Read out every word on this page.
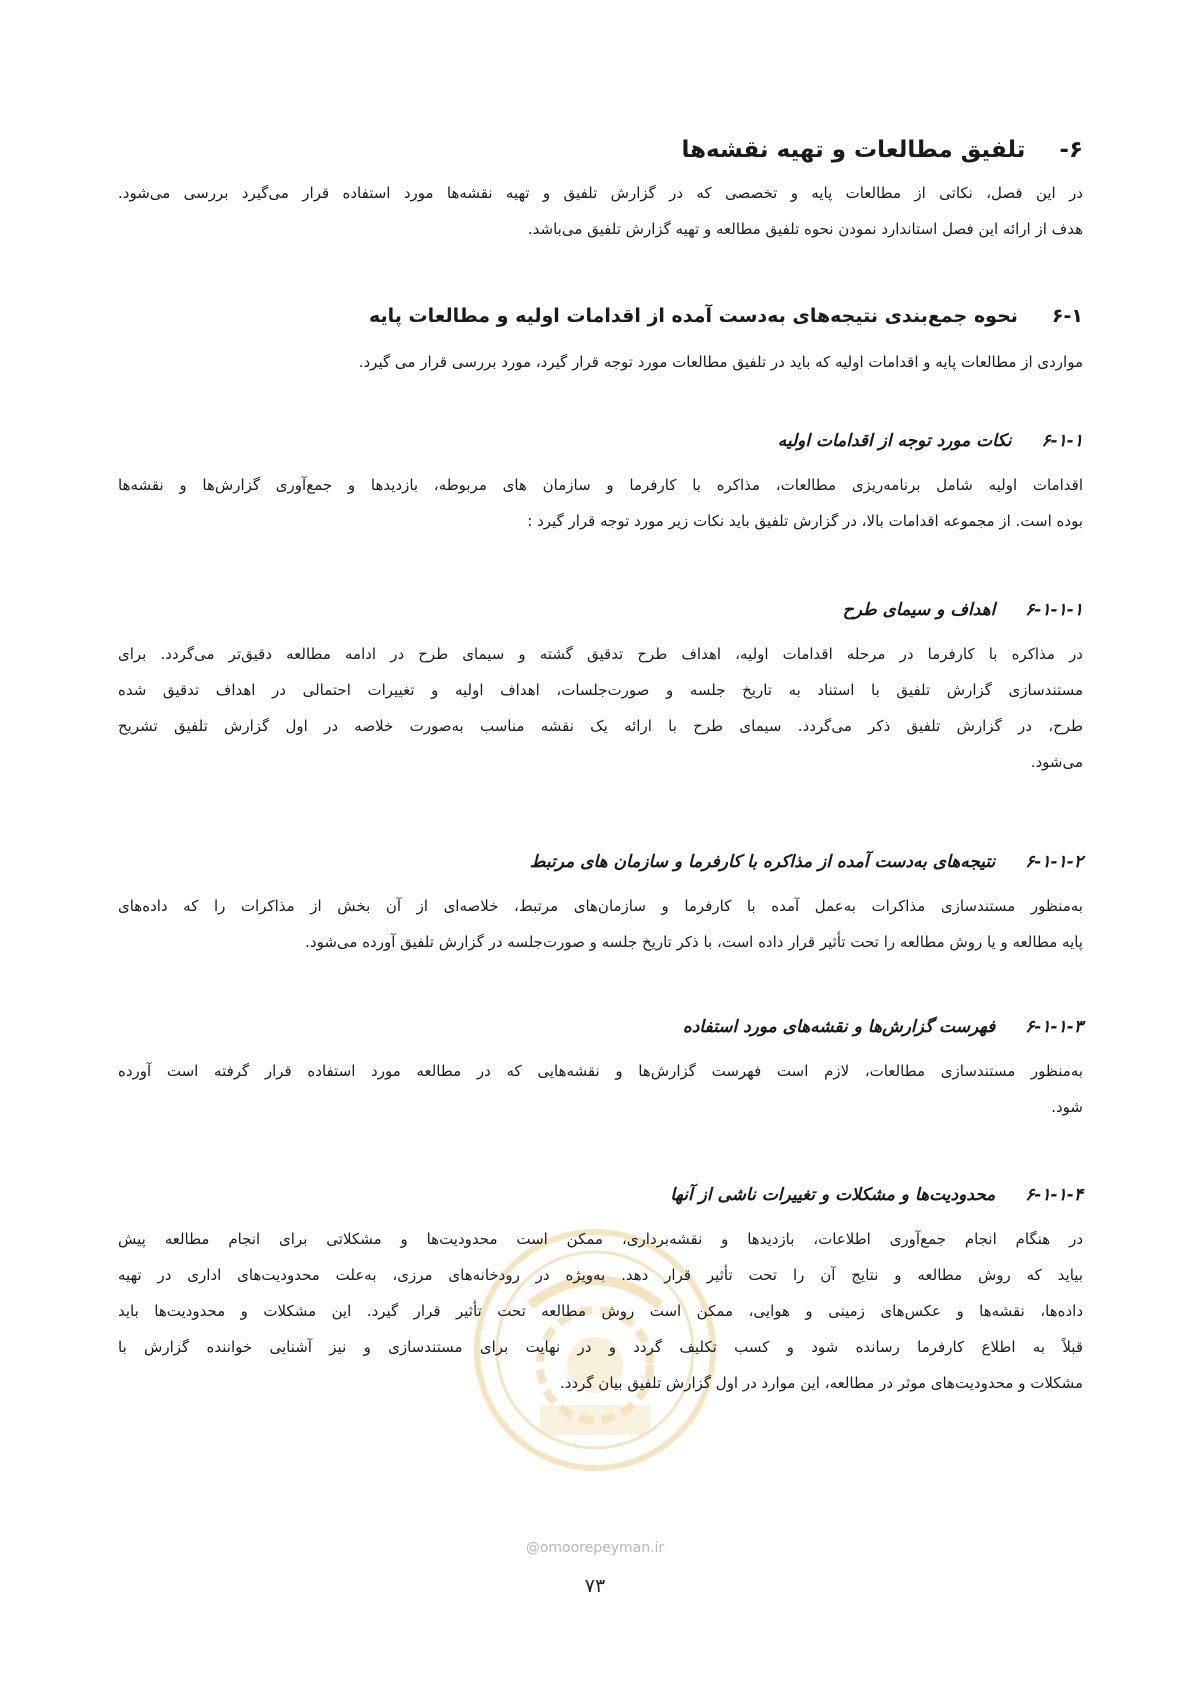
۶-تلفیق مطالعات و تهیه نقشه‌ها
در این فصل، نکاتی از مطالعات پایه و تخصصی که در گزارش تلفیق و تهیه نقشه‌ها مورد استفاده قرار می‌گیرد بررسی می‌شود.
هدف از ارائه این فصل استاندارد نمودن نحوه تلفیق مطالعه و تهیه گزارش تلفیق می‌باشد.
۶-۱نحوه جمع‌بندی نتیجه‌های به‌دست آمده از اقدامات اولیه و مطالعات پایه
مواردی از مطالعات پایه و اقدامات اولیه که باید در تلفیق مطالعات مورد توجه قرار گیرد، مورد بررسی قرار می گیرد.
۶-۱-۱نکات مورد توجه از اقدامات اولیه
اقدامات اولیه شامل برنامه‌ریزی مطالعات، مذاکره با کارفرما و سازمان های مربوطه، بازدیدها و جمع‌آوری گزارش‌ها و نقشه‌ها
بوده است. از مجموعه اقدامات بالا، در گزارش تلفیق باید نکات زیر مورد توجه قرار گیرد :
۶-۱-۱-۱اهداف و سیمای طرح
در مذاکره با کارفرما در مرحله اقدامات اولیه، اهداف طرح تدقیق گشته و سیمای طرح در ادامه مطالعه دقیق‌تر می‌گردد. برای
مستندسازی گزارش تلفیق با استناد به تاریخ جلسه و صورت‌جلسات، اهداف اولیه و تغییرات احتمالی در اهداف تدقیق شده
طرح، در گزارش تلفیق ذکر می‌گردد. سیمای طرح با ارائه یک نقشه مناسب به‌صورت خلاصه در اول گزارش تلفیق تشریح
می‌شود.
۶-۱-۱-۲نتیجه‌های به‌دست آمده از مذاکره با کارفرما و سازمان های مرتبط
به‌منظور مستندسازی مذاکرات به‌عمل آمده با کارفرما و سازمان‌های مرتبط، خلاصه‌ای از آن بخش از مذاکرات را که داده‌های
پایه مطالعه و یا روش مطالعه را تحت تأثیر قرار داده است، با ذکر تاریخ جلسه و صورت‌جلسه در گزارش تلفیق آورده می‌شود.
۶-۱-۱-۳فهرست گزارش‌ها و نقشه‌های مورد استفاده
به‌منظور مستندسازی مطالعات، لازم است فهرست گزارش‌ها و نقشه‌هایی که در مطالعه مورد استفاده قرار گرفته است آورده
شود.
۶-۱-۱-۴محدودیت‌ها و مشکلات و تغییرات ناشی از آنها
در هنگام انجام جمع‌آوری اطلاعات، بازدیدها و نقشه‌برداری، ممکن است محدودیت‌ها و مشکلاتی برای انجام مطالعه پیش
بیاید که روش مطالعه و نتایج آن را تحت تأثیر قرار دهد. به‌ویژه در رودخانه‌های مرزی، به‌علت محدودیت‌های اداری در تهیه
داده‌ها، نقشه‌ها و عکس‌های زمینی و هوایی، ممکن است روش مطالعه تحت تأثیر قرار گیرد. این مشکلات و محدودیت‌ها باید
قبلاً به اطلاع کارفرما رسانده شود و کسب تکلیف گردد و در نهایت برای مستندسازی و نیز آشنایی خواننده گزارش با
مشکلات و محدودیت‌های موثر در مطالعه، این موارد در اول گزارش تلفیق بیان گردد.
@omoorepeyman.ir
۷۳
